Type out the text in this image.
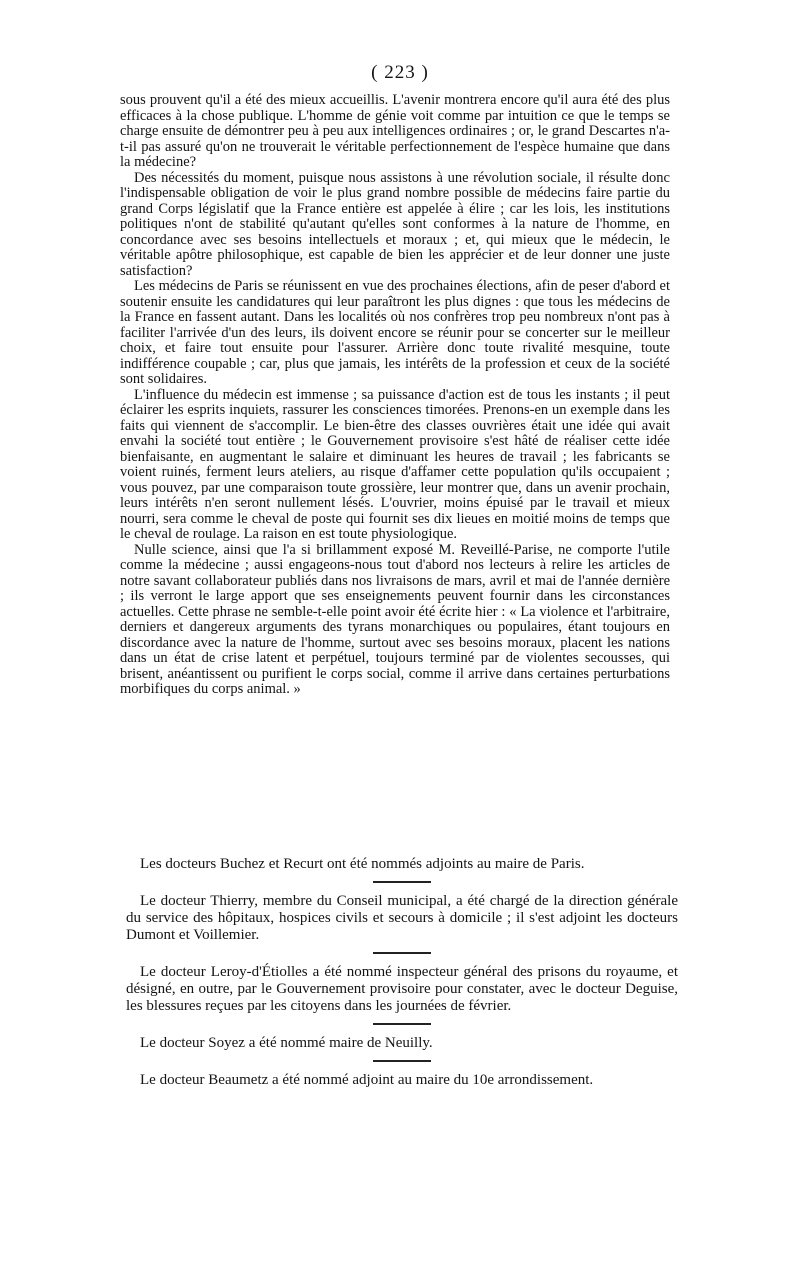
( 223 )

sous prouvent qu'il a été des mieux accueillis. L'avenir montrera encore qu'il aura été des plus efficaces à la chose publique. L'homme de génie voit comme par intuition ce que le temps se charge ensuite de démontrer peu à peu aux intelligences ordinaires ; or, le grand Descartes n'a-t-il pas assuré qu'on ne trouverait le véritable perfectionnement de l'espèce humaine que dans la médecine?

Des nécessités du moment, puisque nous assistons à une révolution sociale, il résulte donc l'indispensable obligation de voir le plus grand nombre possible de médecins faire partie du grand Corps législatif que la France entière est appelée à élire ; car les lois, les institutions politiques n'ont de stabilité qu'autant qu'elles sont conformes à la nature de l'homme, en concordance avec ses besoins intellectuels et moraux ; et, qui mieux que le médecin, le véritable apôtre philosophique, est capable de bien les apprécier et de leur donner une juste satisfaction?

Les médecins de Paris se réunissent en vue des prochaines élections, afin de peser d'abord et soutenir ensuite les candidatures qui leur paraîtront les plus dignes : que tous les médecins de la France en fassent autant. Dans les localités où nos confrères trop peu nombreux n'ont pas à faciliter l'arrivée d'un des leurs, ils doivent encore se réunir pour se concerter sur le meilleur choix, et faire tout ensuite pour l'assurer. Arrière donc toute rivalité mesquine, toute indifférence coupable ; car, plus que jamais, les intérêts de la profession et ceux de la société sont solidaires.

L'influence du médecin est immense ; sa puissance d'action est de tous les instants ; il peut éclairer les esprits inquiets, rassurer les consciences timorées. Prenons-en un exemple dans les faits qui viennent de s'accomplir. Le bien-être des classes ouvrières était une idée qui avait envahi la société tout entière ; le Gouvernement provisoire s'est hâté de réaliser cette idée bienfaisante, en augmentant le salaire et diminuant les heures de travail ; les fabricants se voient ruinés, ferment leurs ateliers, au risque d'affamer cette population qu'ils occupaient ; vous pouvez, par une comparaison toute grossière, leur montrer que, dans un avenir prochain, leurs intérêts n'en seront nullement lésés. L'ouvrier, moins épuisé par le travail et mieux nourri, sera comme le cheval de poste qui fournit ses dix lieues en moitié moins de temps que le cheval de roulage. La raison en est toute physiologique.

Nulle science, ainsi que l'a si brillamment exposé M. Reveillé-Parise, ne comporte l'utile comme la médecine ; aussi engageons-nous tout d'abord nos lecteurs à relire les articles de notre savant collaborateur publiés dans nos livraisons de mars, avril et mai de l'année dernière ; ils verront le large apport que ses enseignements peuvent fournir dans les circonstances actuelles. Cette phrase ne semble-t-elle point avoir été écrite hier : « La violence et l'arbitraire, derniers et dangereux arguments des tyrans monarchiques ou populaires, étant toujours en discordance avec la nature de l'homme, surtout avec ses besoins moraux, placent les nations dans un état de crise latent et perpétuel, toujours terminé par de violentes secousses, qui brisent, anéantissent ou purifient le corps social, comme il arrive dans certaines perturbations morbifiques du corps animal. »

Les docteurs Buchez et Recurt ont été nommés adjoints au maire de Paris.

Le docteur Thierry, membre du Conseil municipal, a été chargé de la direction générale du service des hôpitaux, hospices civils et secours à domicile ; il s'est adjoint les docteurs Dumont et Voillemier.

Le docteur Leroy-d'Étiolles a été nommé inspecteur général des prisons du royaume, et désigné, en outre, par le Gouvernement provisoire pour constater, avec le docteur Deguise, les blessures reçues par les citoyens dans les journées de février.

Le docteur Soyez a été nommé maire de Neuilly.

Le docteur Beaumetz a été nommé adjoint au maire du 10e arrondissement.
